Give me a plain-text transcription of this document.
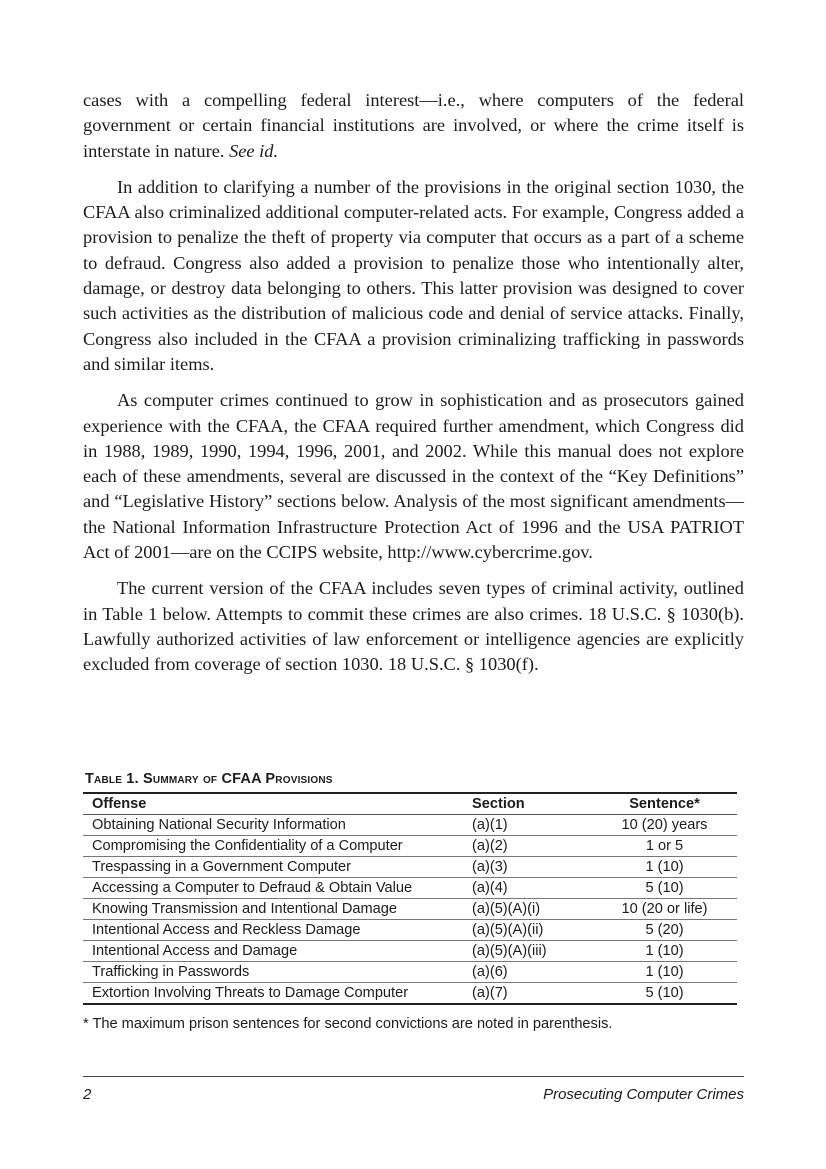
cases with a compelling federal interest—i.e., where computers of the federal government or certain financial institutions are involved, or where the crime itself is interstate in nature. See id.

In addition to clarifying a number of the provisions in the original section 1030, the CFAA also criminalized additional computer-related acts. For example, Congress added a provision to penalize the theft of property via computer that occurs as a part of a scheme to defraud. Congress also added a provision to penalize those who intentionally alter, damage, or destroy data belonging to others. This latter provision was designed to cover such activities as the distribution of malicious code and denial of service attacks. Finally, Congress also included in the CFAA a provision criminalizing trafficking in passwords and similar items.

As computer crimes continued to grow in sophistication and as prosecutors gained experience with the CFAA, the CFAA required further amendment, which Congress did in 1988, 1989, 1990, 1994, 1996, 2001, and 2002. While this manual does not explore each of these amendments, several are discussed in the context of the “Key Definitions” and “Legislative History” sections below. Analysis of the most significant amendments—the National Information Infrastructure Protection Act of 1996 and the USA PATRIOT Act of 2001—are on the CCIPS website, http://www.cybercrime.gov.

The current version of the CFAA includes seven types of criminal activity, outlined in Table 1 below. Attempts to commit these crimes are also crimes. 18 U.S.C. § 1030(b). Lawfully authorized activities of law enforcement or intelligence agencies are explicitly excluded from coverage of section 1030. 18 U.S.C. § 1030(f).

Table 1. Summary of CFAA Provisions
Offense	Section	Sentence*
Obtaining National Security Information	(a)(1)	10 (20) years
Compromising the Confidentiality of a Computer	(a)(2)	1 or 5
Trespassing in a Government Computer	(a)(3)	1 (10)
Accessing a Computer to Defraud & Obtain Value	(a)(4)	5 (10)
Knowing Transmission and Intentional Damage	(a)(5)(A)(i)	10 (20 or life)
Intentional Access and Reckless Damage	(a)(5)(A)(ii)	5 (20)
Intentional Access and Damage	(a)(5)(A)(iii)	1 (10)
Trafficking in Passwords	(a)(6)	1 (10)
Extortion Involving Threats to Damage Computer	(a)(7)	5 (10)
* The maximum prison sentences for second convictions are noted in parenthesis.
2	Prosecuting Computer Crimes
